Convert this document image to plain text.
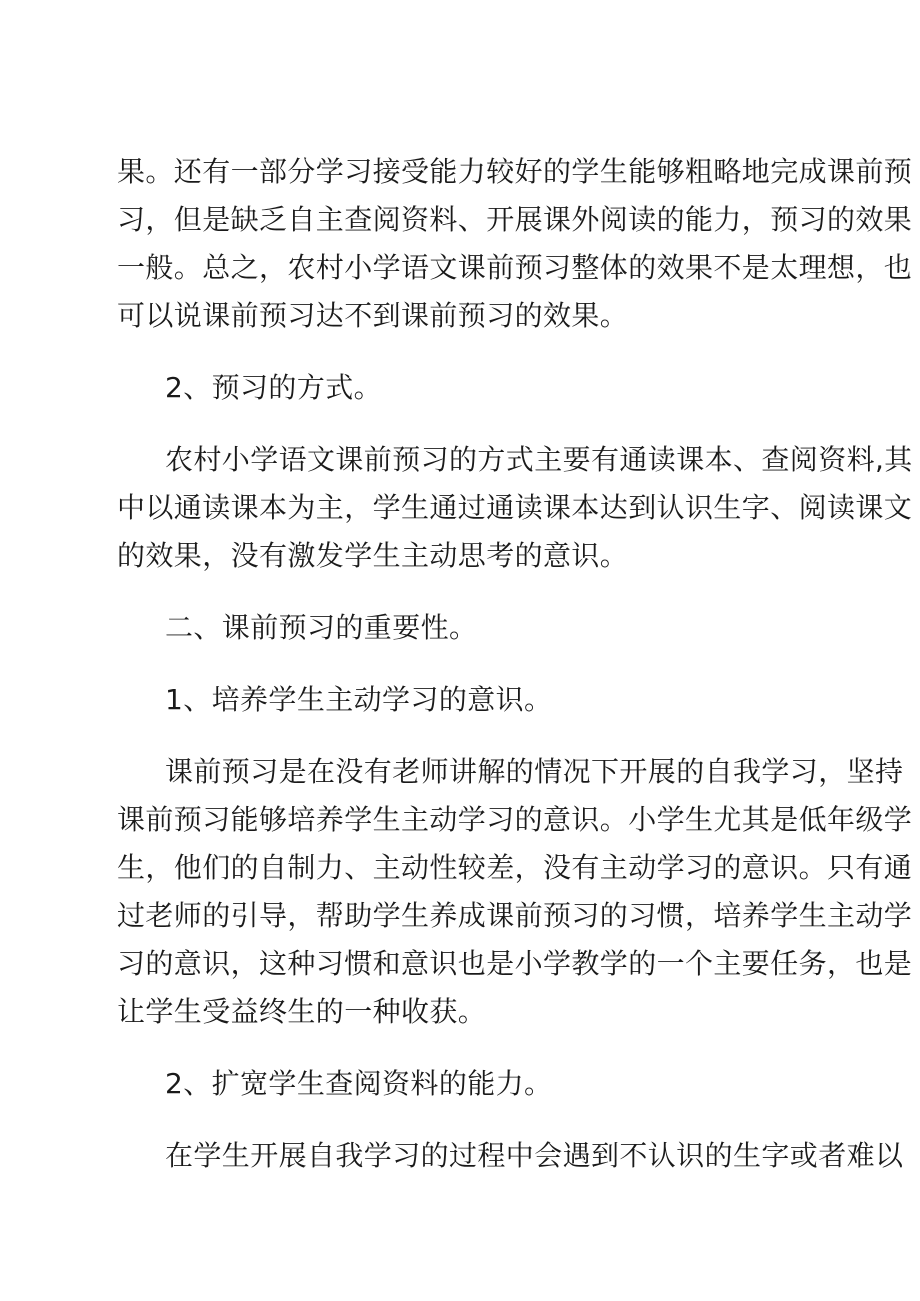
果。还有一部分学习接受能力较好的学生能够粗略地完成课前预
习，但是缺乏自主查阅资料、开展课外阅读的能力，预习的效果
一般。总之，农村小学语文课前预习整体的效果不是太理想，也
可以说课前预习达不到课前预习的效果。

2、预习的方式。

农村小学语文课前预习的方式主要有通读课本、查阅资料,其
中以通读课本为主，学生通过通读课本达到认识生字、阅读课文
的效果，没有激发学生主动思考的意识。

二、课前预习的重要性。

1、培养学生主动学习的意识。

课前预习是在没有老师讲解的情况下开展的自我学习，坚持
课前预习能够培养学生主动学习的意识。小学生尤其是低年级学
生，他们的自制力、主动性较差，没有主动学习的意识。只有通
过老师的引导，帮助学生养成课前预习的习惯，培养学生主动学
习的意识，这种习惯和意识也是小学教学的一个主要任务，也是
让学生受益终生的一种收获。

2、扩宽学生查阅资料的能力。

在学生开展自我学习的过程中会遇到不认识的生字或者难以
